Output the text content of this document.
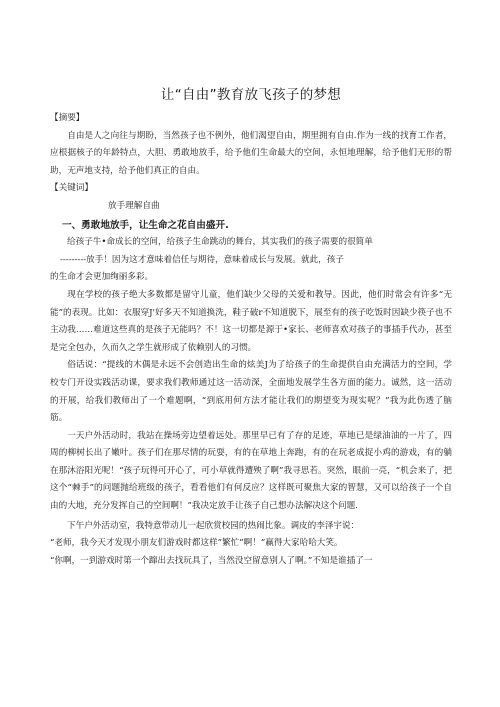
让“自由”教育放飞孩子的梦想

【摘要】

自由是人之向往与期盼，当然孩子也不例外，他们渴望自由，期里拥有自由.作为一线的找育工作者，应根据核子的年龄特点，大胆、勇敢地放手，给予他们生命最大的空间，永恒地理解，给予他们无形的帮助，无声地支持，给予他们真正的自由。

【关键词】

放手理解自曲

一、勇敢地放手，让生命之花自由盛开.

给孩子牛•命成长的空间，给孩子生命跳动的舞台，其实我们的孩子需要的很简单

---------放手！因为这才意味着信任与期待，意味着成长与发展。就此，孩子

的生命才会更加绚丽多彩。

现在学校的孩子绝大多数都是留守儿童，他们缺少父母的关爱和教导。因此，他们时常会有许多“无能”的表现。比如：衣服穿J'好多天不知道换洗，鞋子破r不知道脱下，展至有的孩子吃饭时因缺少筷子也不主动我……难道这些真的是孩子无能吗？不！这一切都是源于•家长、老师喜欢对孩子的事插手代办，甚至是完全包办，久而久之学生就形成了依赖别人的习惯。

俗话说：“提线的木偶是永远不会创造出生命的炫美J为了给孩子的生命提供自由充满活力的空间，学校专门开设实践活动课，要求我们教师通过这一活动深，全面地发展学生各方面的能力。诚然，这一活动的开展，给我们教师出了一个难题啊，“到底用何方法才能让我们的期望变为现实呢？”我为此伤透了脑筋。

一天户外活动时，我站在操场旁边望着远处。那里早已有了存的足迹，草地已是绿油油的一片了，四周的柳树长出了嫩叶。孩子们在那尽情的玩耍，有的在草地上奔跑，有的在玩老成捉小鸡的游戏，有的躺在那沐浴阳光呢！“孩子玩得可开心了，可小草就得遭殃了啊”我寻思若。突然，眼前一亮，“机会来了，把这个“棘手”的问题抛给班级的孩子，看看他们有何反应？这样既可聚焦大家的智慧，又可以给孩子一个自由的大地，充分发挥自己的空间啊！”我决定放手让孩子自己想办法解决这个问题.

下午户外活动室，我特意带动儿一起欣赏校园的热闹比象。调皮的李泽宇说：

“老师，我今天才发现小朋友们游戏时都这样”繁忙”啊！”赢得大家哈哈大笑。

“你啊，一到游戏时第一个蹿出去找玩具了，当然没空留意别人了啊。”不知是谁插了一
